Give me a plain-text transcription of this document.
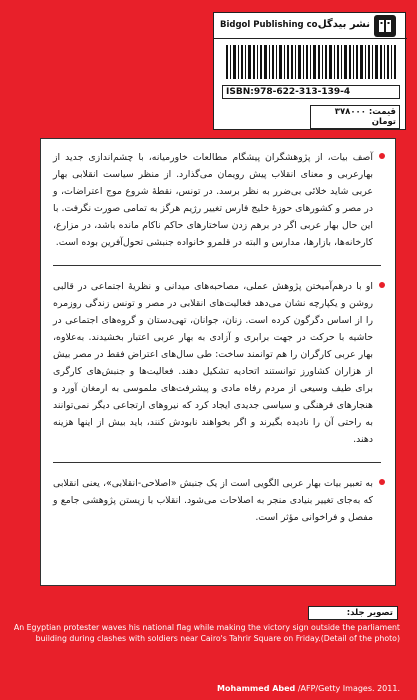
Bidgol Publishing co.
نشر بیدگل
ISBN:978-622-313-139-4
قیمت: ۳۷۸۰۰۰ تومان

آصف بیات، از پژوهشگران پیشگام مطالعات خاورمیانه، با چشم‌اندازی جدید از بهارعربی و معنای انقلاب پیش رویمان می‌گذارد. از منظر سیاست انقلابی بهار عربی شاید خلائی بی‌ضرر به نظر برسد. در تونس، نقطهٔ شروع موج اعتراضات، و در مصر و کشورهای حوزهٔ خلیج فارس تغییر رژیم هرگز به تمامی صورت نگرفت. با این حال بهار عربی اگر در برهم زدن ساختارهای حاکم ناکام مانده باشد، در مزارع، کارخانه‌ها، بازارها، مدارس و البته در قلمرو خانواده جنبشی تحول‌آفرین بوده است.

او با درهم‌آمیختن پژوهش عملی، مصاحبه‌های میدانی و نظریهٔ اجتماعی در قالبی روشن و یکپارچه نشان می‌دهد فعالیت‌های انقلابی در مصر و تونس زندگی روزمره را از اساس دگرگون کرده است. زنان، جوانان، تهی‌دستان و گروه‌های اجتماعی در حاشیه با حرکت در جهت برابری و آزادی به بهار عربی اعتبار بخشیدند. به‌علاوه، بهار عربی کارگران را هم توانمند ساخت: طی سال‌های اعتراض فقط در مصر بیش از هزاران کشاورز توانستند اتحادیه تشکیل دهند. فعالیت‌ها و جنبش‌های کارگری برای طیف وسیعی از مردم رفاه مادی و پیشرفت‌های ملموسی به ارمغان آورد و هنجارهای فرهنگی و سیاسی جدیدی ایجاد کرد که نیروهای ارتجاعی دیگر نمی‌توانند به راحتی آن را نادیده بگیرند و اگر بخواهند نابودش کنند، باید بیش از اینها هزینه دهند.

به تعبیر بیات بهار عربی الگویی است از یک جنبش «اصلاحی-انقلابی»، یعنی انقلابی که به‌جای تغییر بنیادی منجر به اصلاحات می‌شود. انقلاب با زیستن پژوهشی جامع و مفصل و فراخوانی مؤثر است.

تصویر جلد:
An Egyptian protester waves his national flag while making the victory sign outside the parliament building during clashes with soldiers near Cairo's Tahrir Square on Friday.(Detail of the photo)
Mohammed Abed /AFP/Getty Images. 2011.
